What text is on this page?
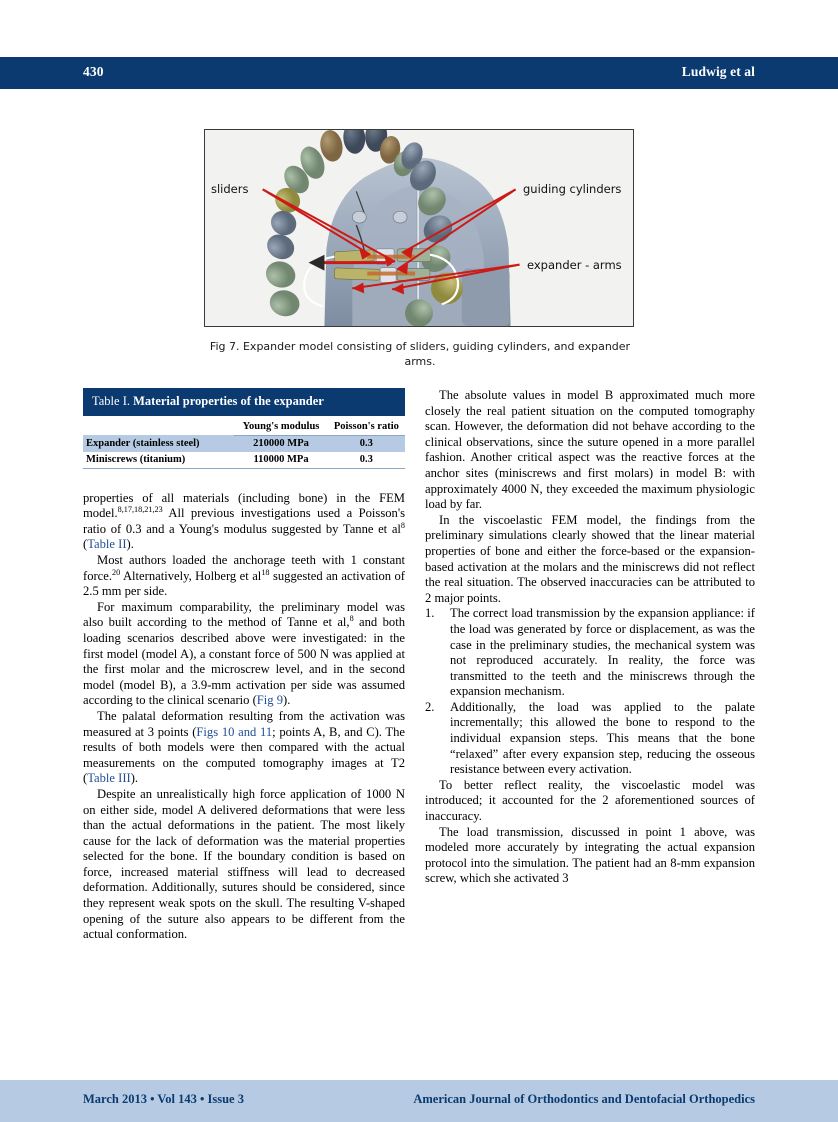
430	Ludwig et al
sliders	guiding cylinders
expander - arms
Fig 7. Expander model consisting of sliders, guiding cylinders, and expander arms.
Table I. Material properties of the expander
	Young's modulus	Poisson's ratio
Expander (stainless steel)	210000 MPa	0.3
Miniscrews (titanium)	110000 MPa	0.3

properties of all materials (including bone) in the FEM model.$^{8,17,18,21,23}$ All previous investigations used a Poisson's ratio of 0.3 and a Young's modulus suggested by Tanne et $al^8$ (Table II).

Most authors loaded the anchorage teeth with 1 constant force.$^{20}$ Alternatively, Holberg et $al^{18}$ suggested an activation of 2.5 mm per side.

For maximum comparability, the preliminary model was also built according to the method of Tanne et al,$^8$ and both loading scenarios described above were investigated: in the first model (model A), a constant force of 500 N was applied at the first molar and the microscrew level, and in the second model (model B), a 3.9-mm activation per side was assumed according to the clinical scenario (Fig 9).

The palatal deformation resulting from the activation was measured at 3 points (Figs 10 and 11; points A, B, and C). The results of both models were then compared with the actual measurements on the computed tomography images at T2 (Table III).

Despite an unrealistically high force application of 1000 N on either side, model A delivered deformations that were less than the actual deformations in the patient. The most likely cause for the lack of deformation was the material properties selected for the bone. If the boundary condition is based on force, increased material stiffness will lead to decreased deformation. Additionally, sutures should be considered, since they represent weak spots on the skull. The resulting V-shaped opening of the suture also appears to be different from the actual conformation.

The absolute values in model B approximated much more closely the real patient situation on the computed tomography scan. However, the deformation did not behave according to the clinical observations, since the suture opened in a more parallel fashion. Another critical aspect was the reactive forces at the anchor sites (miniscrews and first molars) in model B: with approximately 4000 N, they exceeded the maximum physiologic load by far.

In the viscoelastic FEM model, the findings from the preliminary simulations clearly showed that the linear material properties of bone and either the force-based or the expansion-based activation at the molars and the miniscrews did not reflect the real situation. The observed inaccuracies can be attributed to 2 major points.

1.	The correct load transmission by the expansion appliance: if the load was generated by force or displacement, as was the case in the preliminary studies, the mechanical system was not reproduced accurately. In reality, the force was transmitted to the teeth and the miniscrews through the expansion mechanism.
2.	Additionally, the load was applied to the palate incrementally; this allowed the bone to respond to the individual expansion steps. This means that the bone “relaxed” after every expansion step, reducing the osseous resistance between every activation.

To better reflect reality, the viscoelastic model was introduced; it accounted for the 2 aforementioned sources of inaccuracy.

The load transmission, discussed in point 1 above, was modeled more accurately by integrating the actual expansion protocol into the simulation. The patient had an 8-mm expansion screw, which she activated 3

March 2013 • Vol 143 • Issue 3	American Journal of Orthodontics and Dentofacial Orthopedics
